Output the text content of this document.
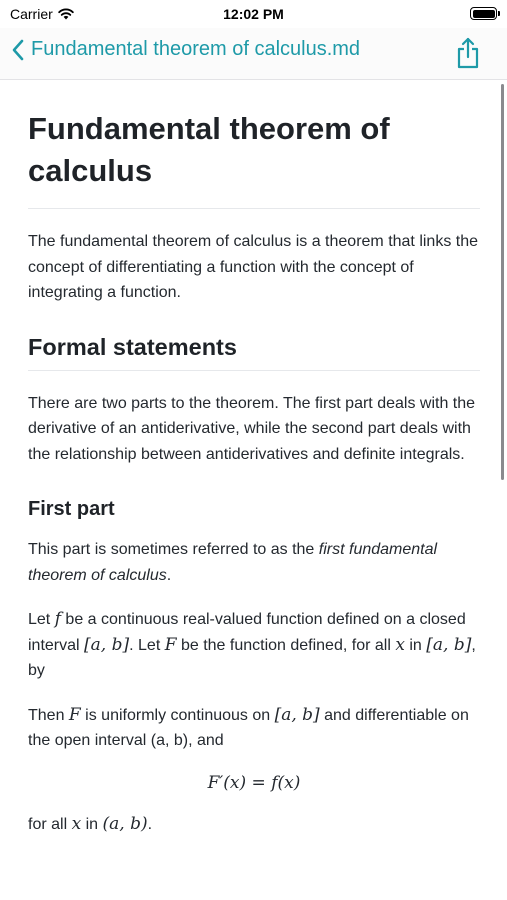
Carrier	12:02 PM
Fundamental theorem of calculus.md
Fundamental theorem of calculus

The fundamental theorem of calculus is a theorem that links the concept of differentiating a function with the concept of integrating a function.

Formal statements

There are two parts to the theorem. The first part deals with the derivative of an antiderivative, while the second part deals with the relationship between antiderivatives and definite integrals.

First part

This part is sometimes referred to as the first fundamental theorem of calculus.

Let f be a continuous real-valued function defined on a closed interval [a, b]. Let F be the function defined, for all x in [a, b], by

Then F is uniformly continuous on [a, b] and differentiable on the open interval (a, b), and

F′(x) = f(x)

for all x in (a, b).
